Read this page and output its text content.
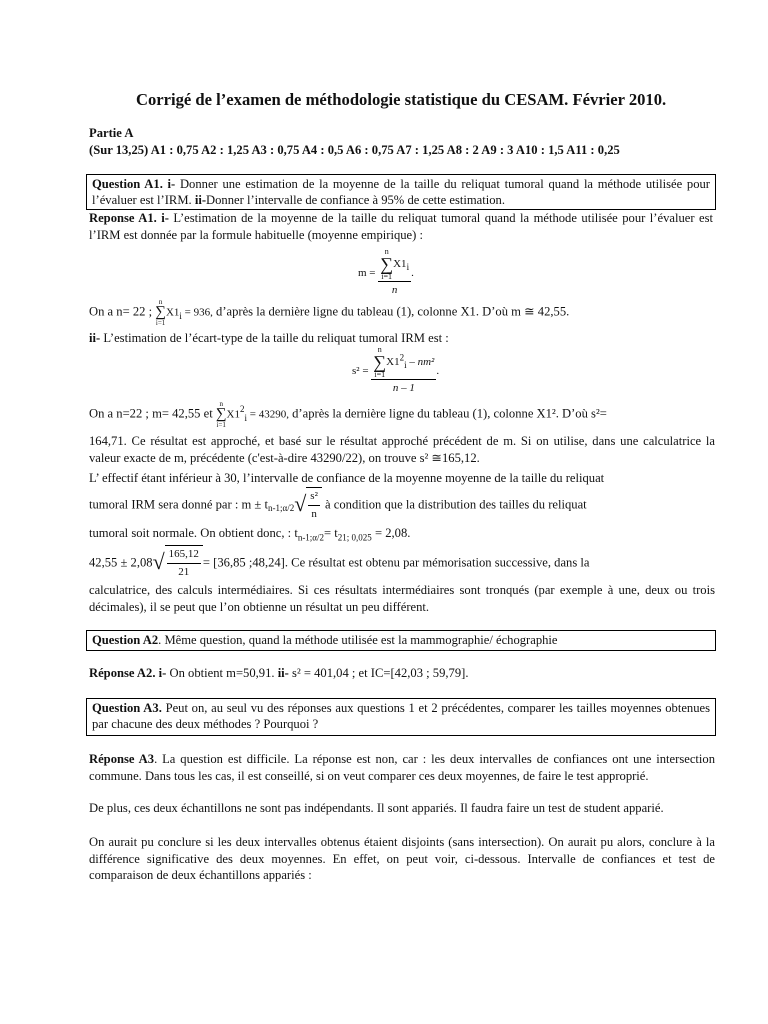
Corrigé de l’examen de méthodologie statistique du CESAM. Février 2010.
Partie A
(Sur 13,25) A1 : 0,75 A2 : 1,25 A3 : 0,75 A4 : 0,5 A6 : 0,75 A7 : 1,25 A8 : 2 A9 : 3 A10 : 1,5 A11 : 0,25
Question A1. i- Donner une estimation de la moyenne de la taille du reliquat tumoral quand la méthode utilisée pour l’évaluer est l’IRM. ii-Donner l’intervalle de confiance à 95% de cette estimation.
Reponse A1. i- L’estimation de la moyenne de la taille du reliquat tumoral quand la méthode utilisée pour l’évaluer est l’IRM est donnée par la formule habituelle (moyenne empirique) :
m = n
∑
$i=1X1_i$
n .
On a n= 22 ; n
∑
$i=1X1_i = 936$, d’après la dernière ligne du tableau (1), colonne X1. D’où m ≅ 42,55.
ii- L’estimation de l’écart-type de la taille du reliquat tumoral IRM est :
s² = n
∑
$i=1X1^2_i - nm^2$
n – 1 .
On a n=22 ; m= 42,55 et n
∑
$i=1X1^2_i = 43290$, d’après la dernière ligne du tableau (1), colonne X1². D’où s²=
164,71. Ce résultat est approché, et basé sur le résultat approché précédent de m. Si on utilise, dans une calculatrice la valeur exacte de m, précédente (c'est-à-dire 43290/22), on trouve s² ≅165,12.
L’ effectif étant inférieur à 30, l’intervalle de confiance de la moyenne moyenne de la taille du reliquat
tumoral IRM sera donné par : $m \pm t_{n-1;\alpha/2}√ \frac{\text{s²}}{n}$ à condition que la distribution des tailles du reliquat
tumoral soit normale. On obtient donc, : $t_{n-1;\alpha/2}= t_{21; 0,025} = 2,08$.
$42,55 \pm 2,08√ \frac{165,12}{21} = [36,85$ ;48,24]. Ce résultat est obtenu par mémorisation successive, dans la
calculatrice, des calculs intermédiaires. Si ces résultats intermédiaires sont tronqués (par exemple à une, deux ou trois décimales), il se peut que l’on obtienne un résultat un peu différent.
Question A2. Même question, quand la méthode utilisée est la mammographie/ échographie
Réponse A2. i- On obtient m=50,91. ii- s² = 401,04 ; et IC=[42,03 ; 59,79].
Question A3. Peut on, au seul vu des réponses aux questions 1 et 2 précédentes, comparer les tailles moyennes obtenues par chacune des deux méthodes ? Pourquoi ?
Réponse A3. La question est difficile. La réponse est non, car : les deux intervalles de confiances ont une intersection commune. Dans tous les cas, il est conseillé, si on veut comparer ces deux moyennes, de faire le test approprié.
De plus, ces deux échantillons ne sont pas indépendants. Il sont appariés. Il faudra faire un test de student apparié.
On aurait pu conclure si les deux intervalles obtenus étaient disjoints (sans intersection). On aurait pu alors, conclure à la différence significative des deux moyennes. En effet, on peut voir, ci-dessous. Intervalle de confiances et test de comparaison de deux échantillons appariés :
